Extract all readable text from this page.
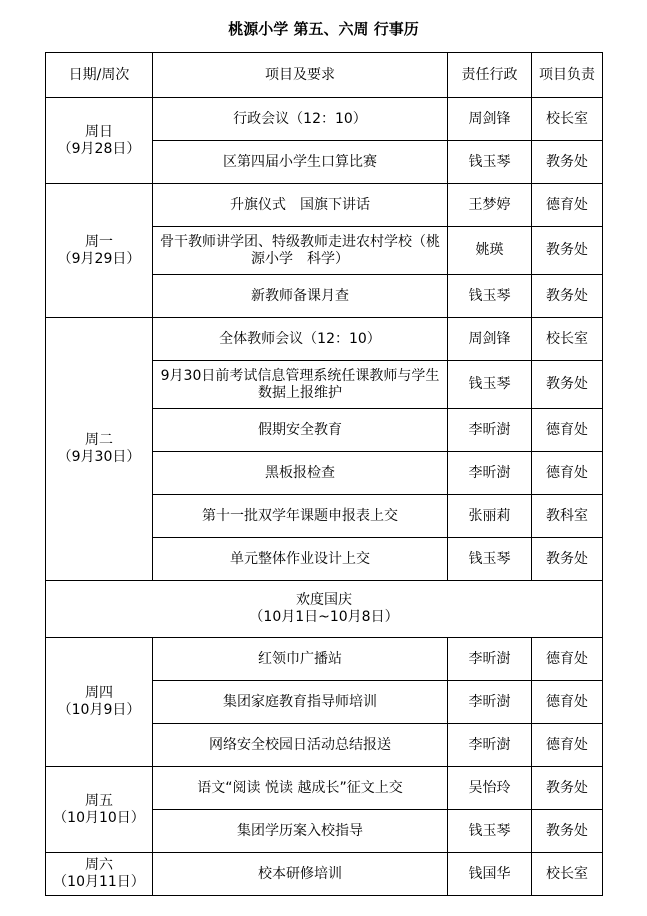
桃源小学 第五、六周 行事历
日期/周次	项目及要求	责任行政	项目负责

周日
（9月28日）	行政会议（12：10）	周剑锋	校长室
	区第四届小学生口算比赛	钱玉琴	教务处

周一
（9月29日）	升旗仪式　国旗下讲话	王梦婷	德育处
	骨干教师讲学团、特级教师走进农村学校（桃源小学　科学）	姚瑛	教务处
	新教师备课月查	钱玉琴	教务处

周二
（9月30日）	全体教师会议（12：10）	周剑锋	校长室
	9月30日前考试信息管理系统任课教师与学生数据上报维护	钱玉琴	教务处
	假期安全教育	李昕澍	德育处
	黑板报检查	李昕澍	德育处
	第十一批双学年课题申报表上交	张丽莉	教科室
	单元整体作业设计上交	钱玉琴	教务处

欢度国庆
（10月1日~10月8日）			

周四
（10月9日）	红领巾广播站	李昕澍	德育处
	集团家庭教育指导师培训	李昕澍	德育处
	网络安全校园日活动总结报送	李昕澍	德育处

周五
（10月10日）	语文“阅读 悦读 越成长”征文上交	吴怡玲	教务处
	集团学历案入校指导	钱玉琴	教务处

周六
（10月11日）	校本研修培训	钱国华	校长室
